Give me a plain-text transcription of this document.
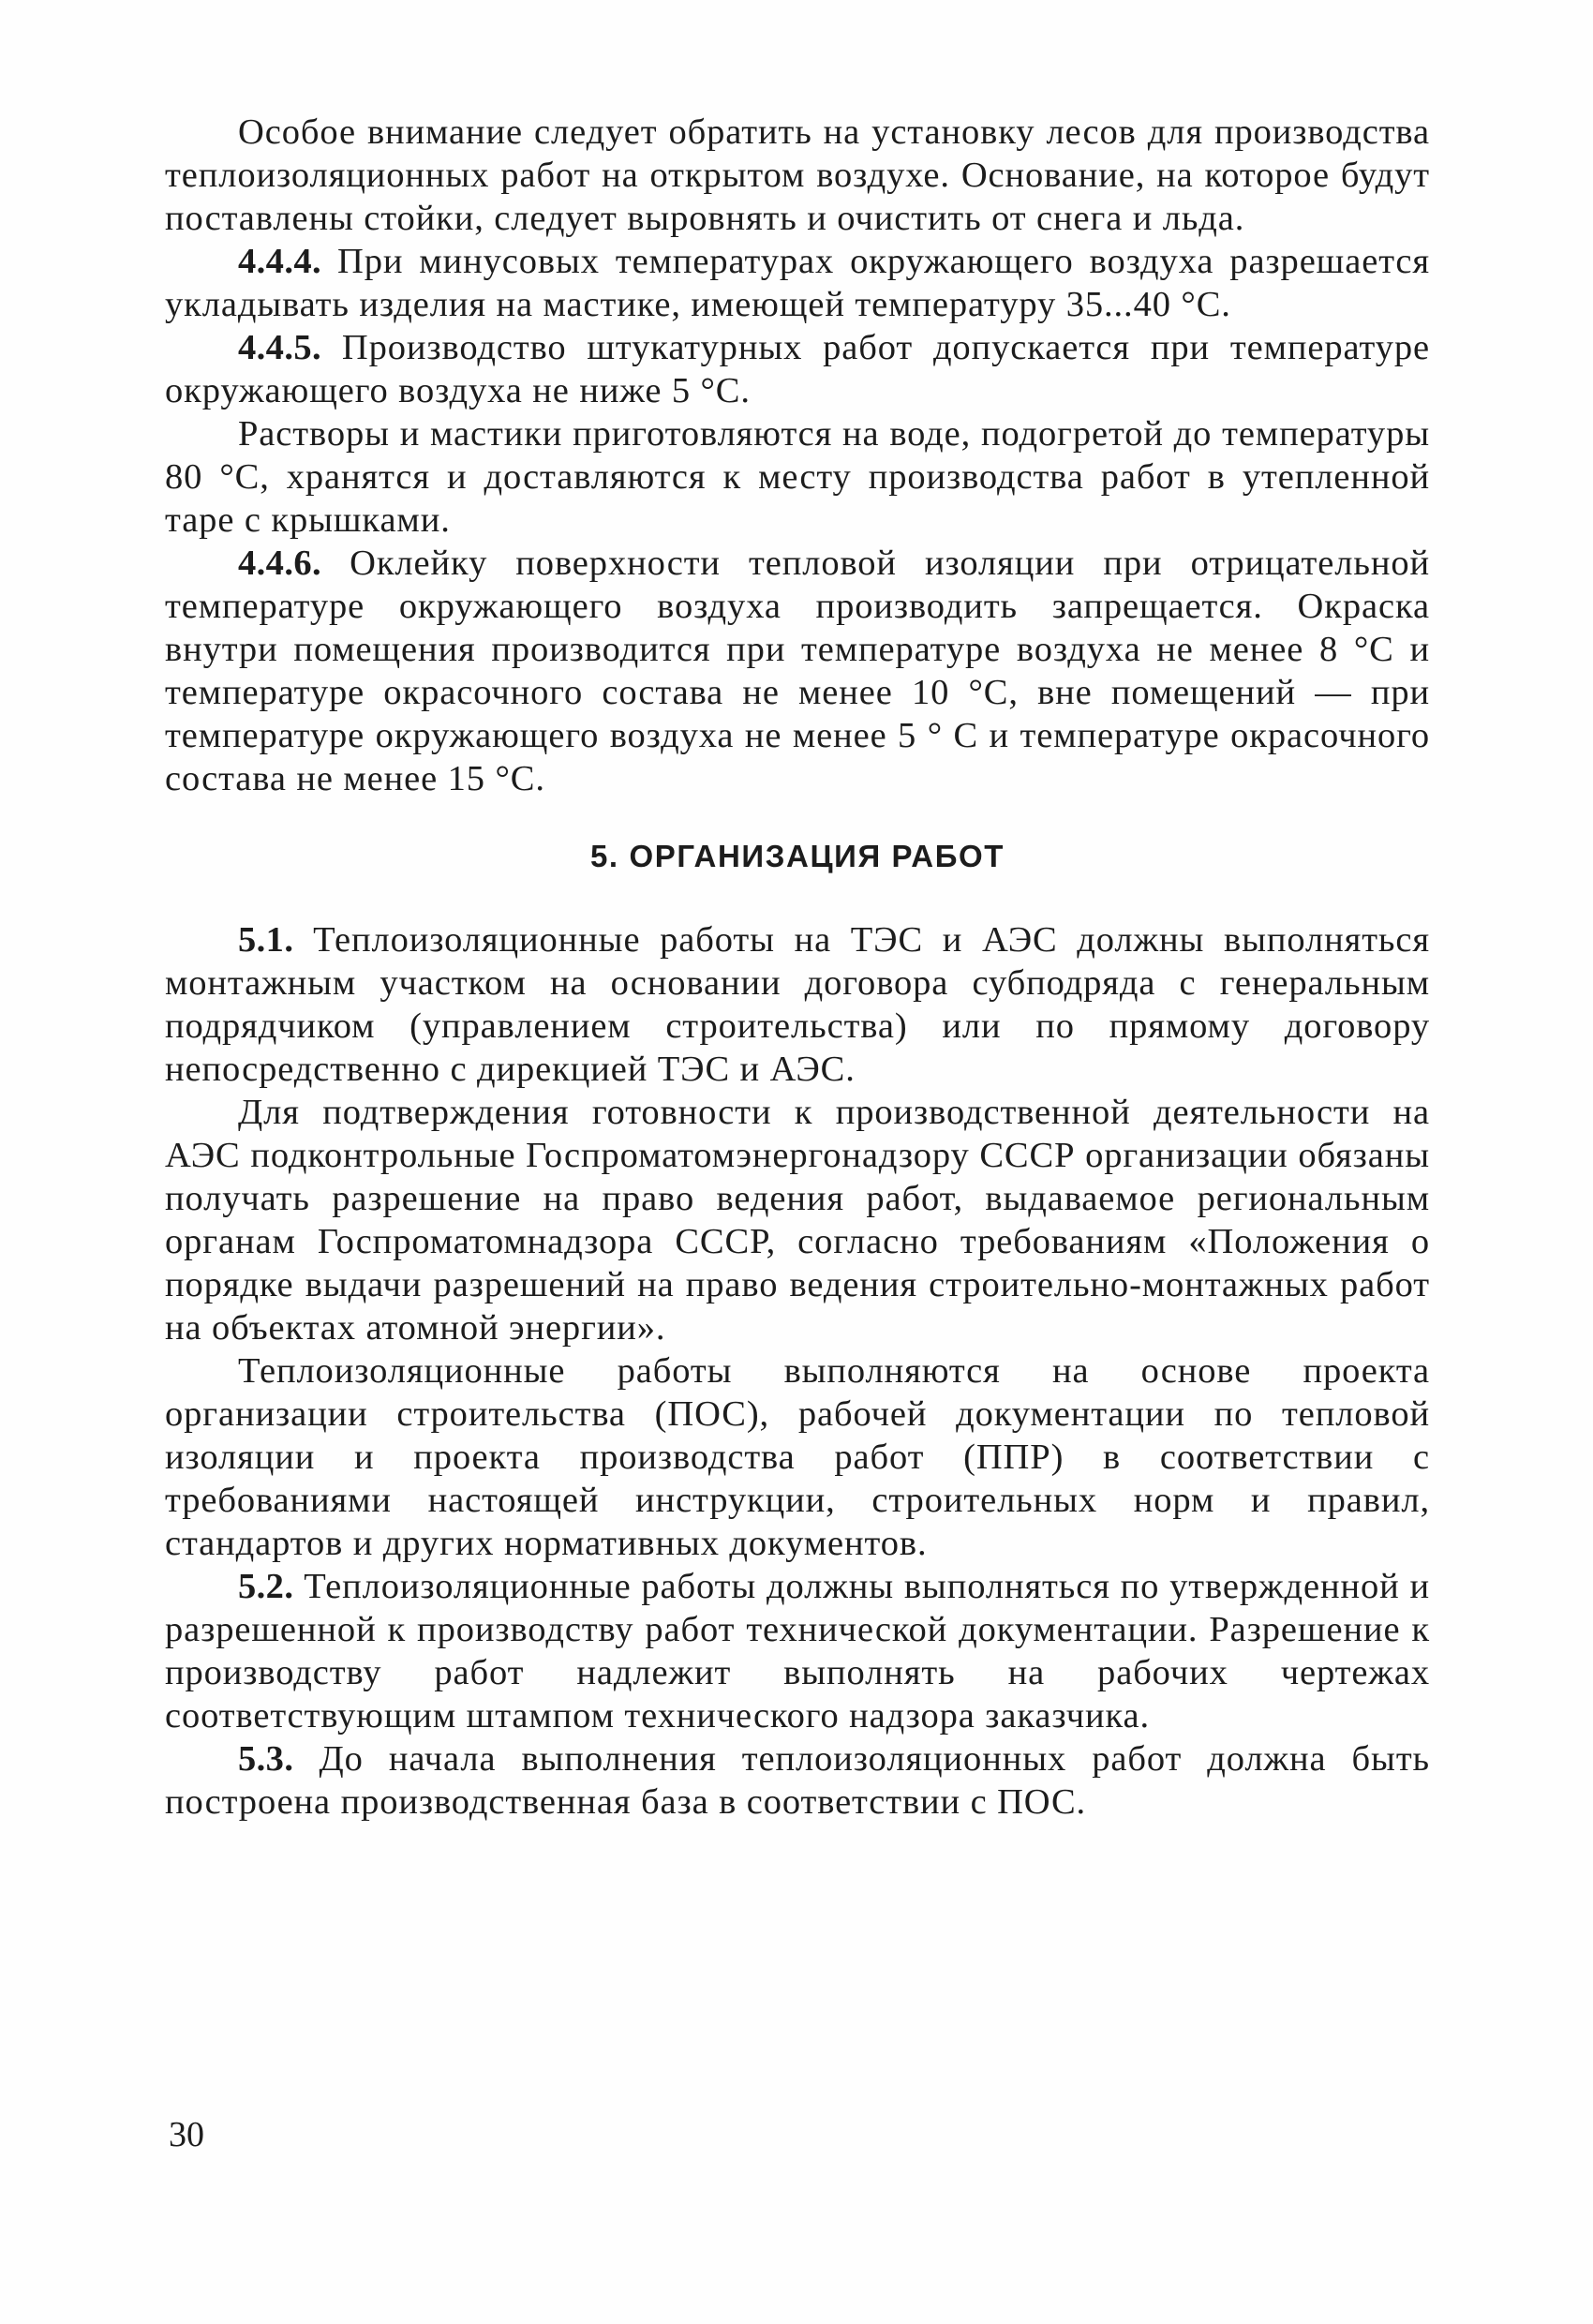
Особое внимание следует обратить на установку лесов для производства теплоизоляционных работ на открытом воздухе. Основание, на которое будут поставлены стойки, следует выровнять и очистить от снега и льда.

4.4.4. При минусовых температурах окружающего воздуха разрешается укладывать изделия на мастике, имеющей температуру 35...40 °С.

4.4.5. Производство штукатурных работ допускается при температуре окружающего воздуха не ниже 5 °С.

Растворы и мастики приготовляются на воде, подогретой до температуры 80 °С, хранятся и доставляются к месту производства работ в утепленной таре с крышками.

4.4.6. Оклейку поверхности тепловой изоляции при отрицательной температуре окружающего воздуха производить запрещается. Окраска внутри помещения производится при температуре воздуха не менее 8 °С и температуре окрасочного состава не менее 10 °С, вне помещений — при температуре окружающего воздуха не менее 5 ° С и температуре окрасочного состава не менее 15 °С.

5. ОРГАНИЗАЦИЯ РАБОТ

5.1. Теплоизоляционные работы на ТЭС и АЭС должны выполняться монтажным участком на основании договора субподряда с генеральным подрядчиком (управлением строительства) или по прямому договору непосредственно с дирекцией ТЭС и АЭС.

Для подтверждения готовности к производственной деятельности на АЭС подконтрольные Госпроматомэнергонадзору СССР организации обязаны получать разрешение на право ведения работ, выдаваемое региональным органам Госпроматомнадзора СССР, согласно требованиям «Положения о порядке выдачи разрешений на право ведения строительно-монтажных работ на объектах атомной энергии».

Теплоизоляционные работы выполняются на основе проекта организации строительства (ПОС), рабочей документации по тепловой изоляции и проекта производства работ (ППР) в соответствии с требованиями настоящей инструкции, строительных норм и правил, стандартов и других нормативных документов.

5.2. Теплоизоляционные работы должны выполняться по утвержденной и разрешенной к производству работ технической документации. Разрешение к производству работ надлежит выполнять на рабочих чертежах соответствующим штампом технического надзора заказчика.

5.3. До начала выполнения теплоизоляционных работ должна быть построена производственная база в соответствии с ПОС.

30
